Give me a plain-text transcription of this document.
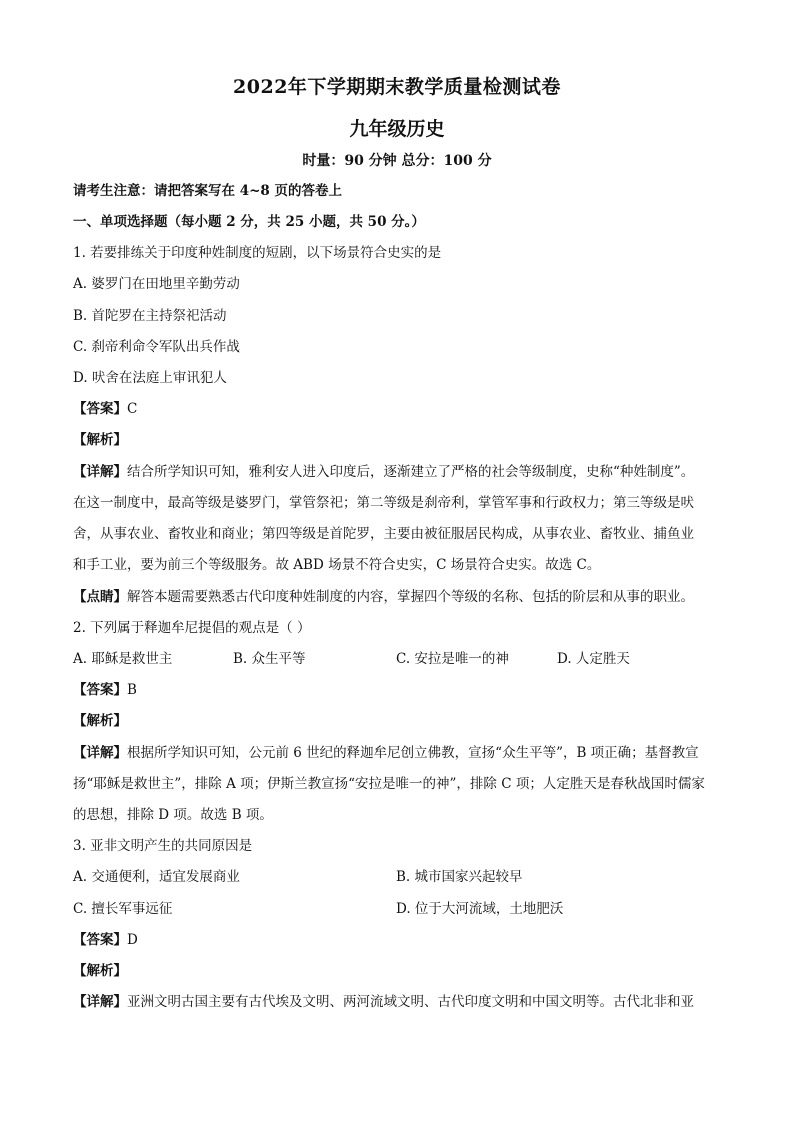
2022年下学期期末教学质量检测试卷
九年级历史
时量：90 分钟 总分：100 分
请考生注意：请把答案写在 4~8 页的答卷上
一、单项选择题（每小题 2 分，共 25 小题，共 50 分。）
1. 若要排练关于印度种姓制度的短剧，以下场景符合史实的是
A. 婆罗门在田地里辛勤劳动
B. 首陀罗在主持祭祀活动
C. 刹帝利命令军队出兵作战
D. 吠舍在法庭上审讯犯人
【答案】C
【解析】
【详解】结合所学知识可知，雅利安人进入印度后，逐渐建立了严格的社会等级制度，史称“种姓制度”。
在这一制度中，最高等级是婆罗门，掌管祭祀；第二等级是刹帝利，掌管军事和行政权力；第三等级是吠
舍，从事农业、畜牧业和商业；第四等级是首陀罗，主要由被征服居民构成，从事农业、畜牧业、捕鱼业
和手工业，要为前三个等级服务。故 ABD 场景不符合史实，C 场景符合史实。故选 C。
【点睛】解答本题需要熟悉古代印度种姓制度的内容，掌握四个等级的名称、包括的阶层和从事的职业。
2. 下列属于释迦牟尼提倡的观点是（ ）
A. 耶稣是救世主	B. 众生平等	C. 安拉是唯一的神	D. 人定胜天
【答案】B
【解析】
【详解】根据所学知识可知，公元前 6 世纪的释迦牟尼创立佛教，宣扬“众生平等”，B 项正确；基督教宣
扬“耶稣是救世主”，排除 A 项；伊斯兰教宣扬“安拉是唯一的神”，排除 C 项；人定胜天是春秋战国时儒家
的思想，排除 D 项。故选 B 项。
3. 亚非文明产生的共同原因是
A. 交通便利，适宜发展商业	B. 城市国家兴起较早
C. 擅长军事远征	D. 位于大河流域，土地肥沃
【答案】D
【解析】
【详解】亚洲文明古国主要有古代埃及文明、两河流域文明、古代印度文明和中国文明等。古代北非和亚
